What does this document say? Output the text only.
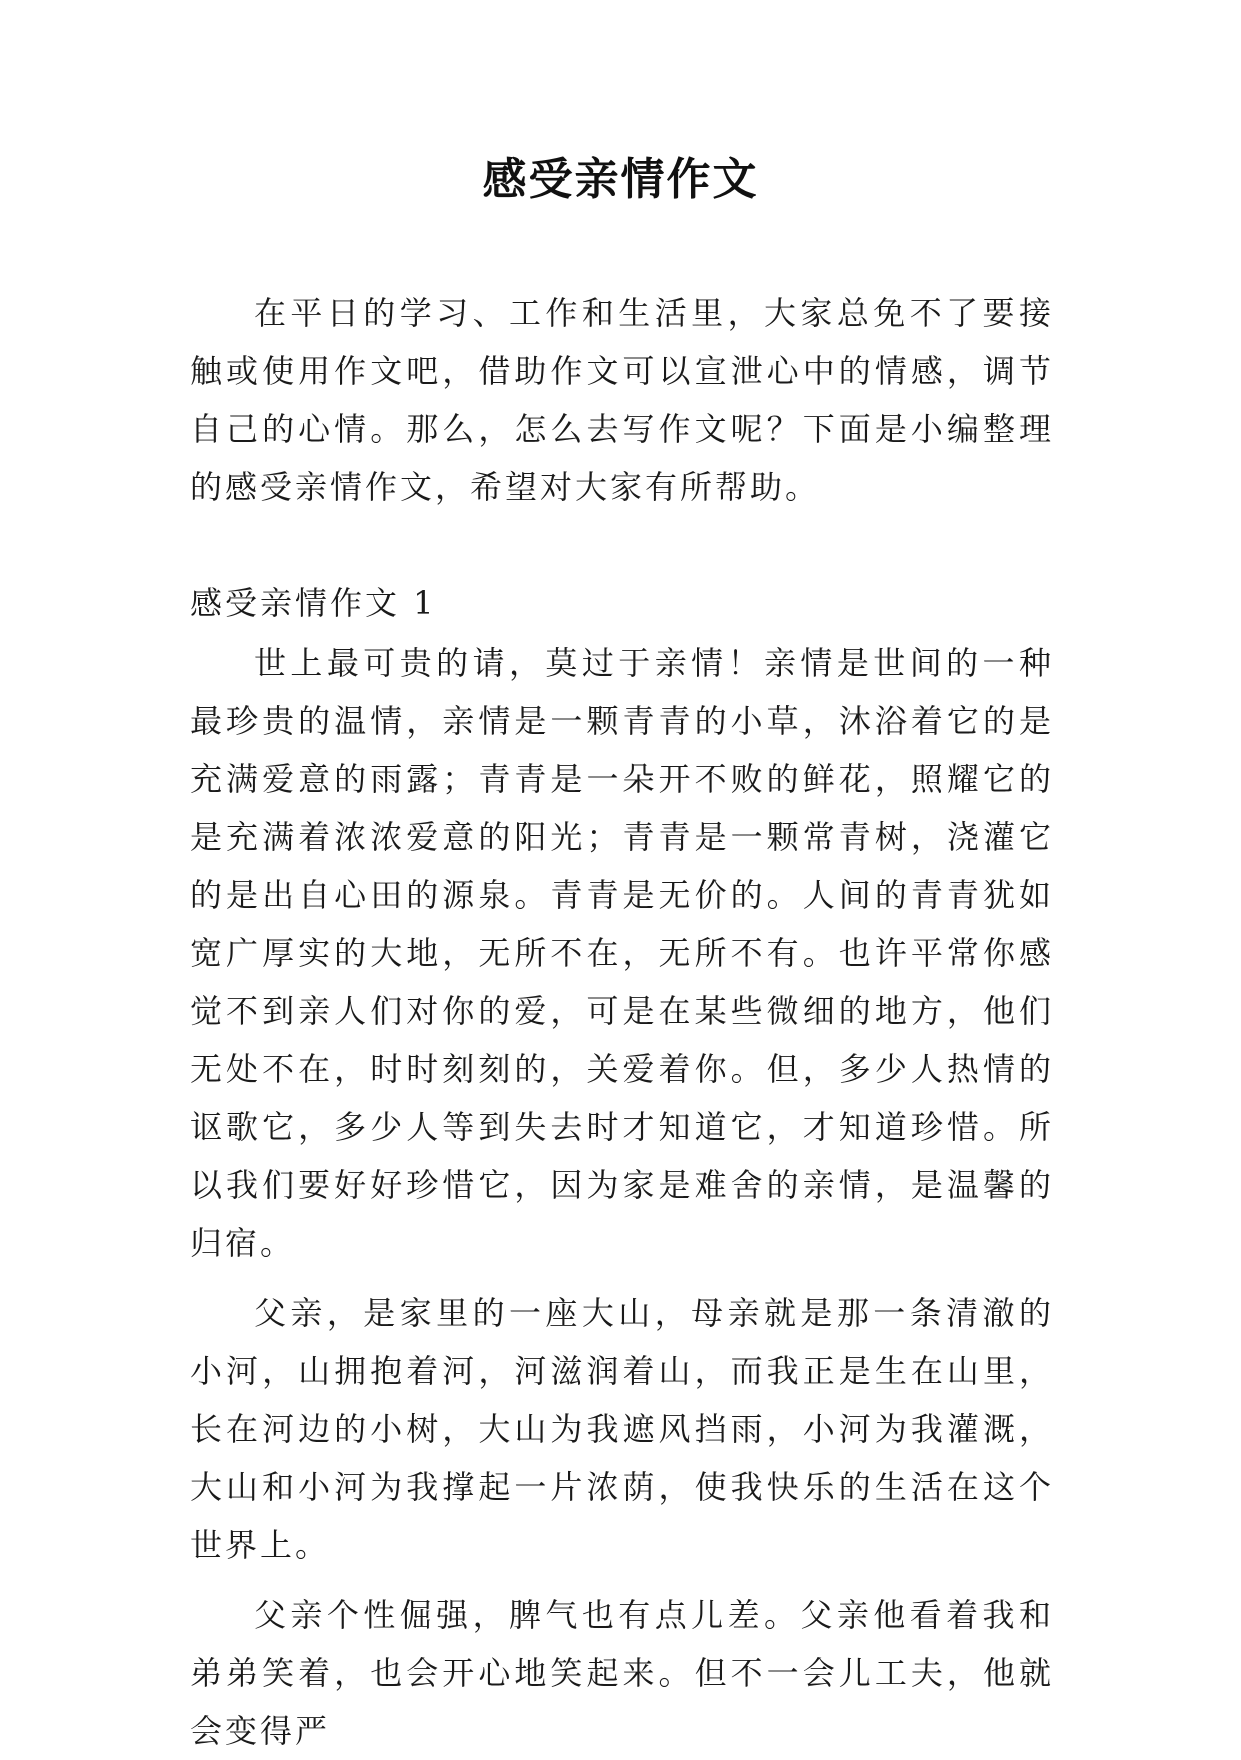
感受亲情作文

在平日的学习、工作和生活里，大家总免不了要接触或使用作文吧，借助作文可以宣泄心中的情感，调节自己的心情。那么，怎么去写作文呢？下面是小编整理的感受亲情作文，希望对大家有所帮助。

感受亲情作文 1

世上最可贵的请，莫过于亲情！亲情是世间的一种最珍贵的温情，亲情是一颗青青的小草，沐浴着它的是充满爱意的雨露；青青是一朵开不败的鲜花，照耀它的是充满着浓浓爱意的阳光；青青是一颗常青树，浇灌它的是出自心田的源泉。青青是无价的。人间的青青犹如宽广厚实的大地，无所不在，无所不有。也许平常你感觉不到亲人们对你的爱，可是在某些微细的地方，他们无处不在，时时刻刻的，关爱着你。但，多少人热情的讴歌它，多少人等到失去时才知道它，才知道珍惜。所以我们要好好珍惜它，因为家是难舍的亲情，是温馨的归宿。

父亲，是家里的一座大山，母亲就是那一条清澈的小河，山拥抱着河，河滋润着山，而我正是生在山里，长在河边的小树，大山为我遮风挡雨，小河为我灌溉，大山和小河为我撑起一片浓荫，使我快乐的生活在这个世界上。

父亲个性倔强，脾气也有点儿差。父亲他看着我和弟弟笑着，也会开心地笑起来。但不一会儿工夫，他就会变得严
